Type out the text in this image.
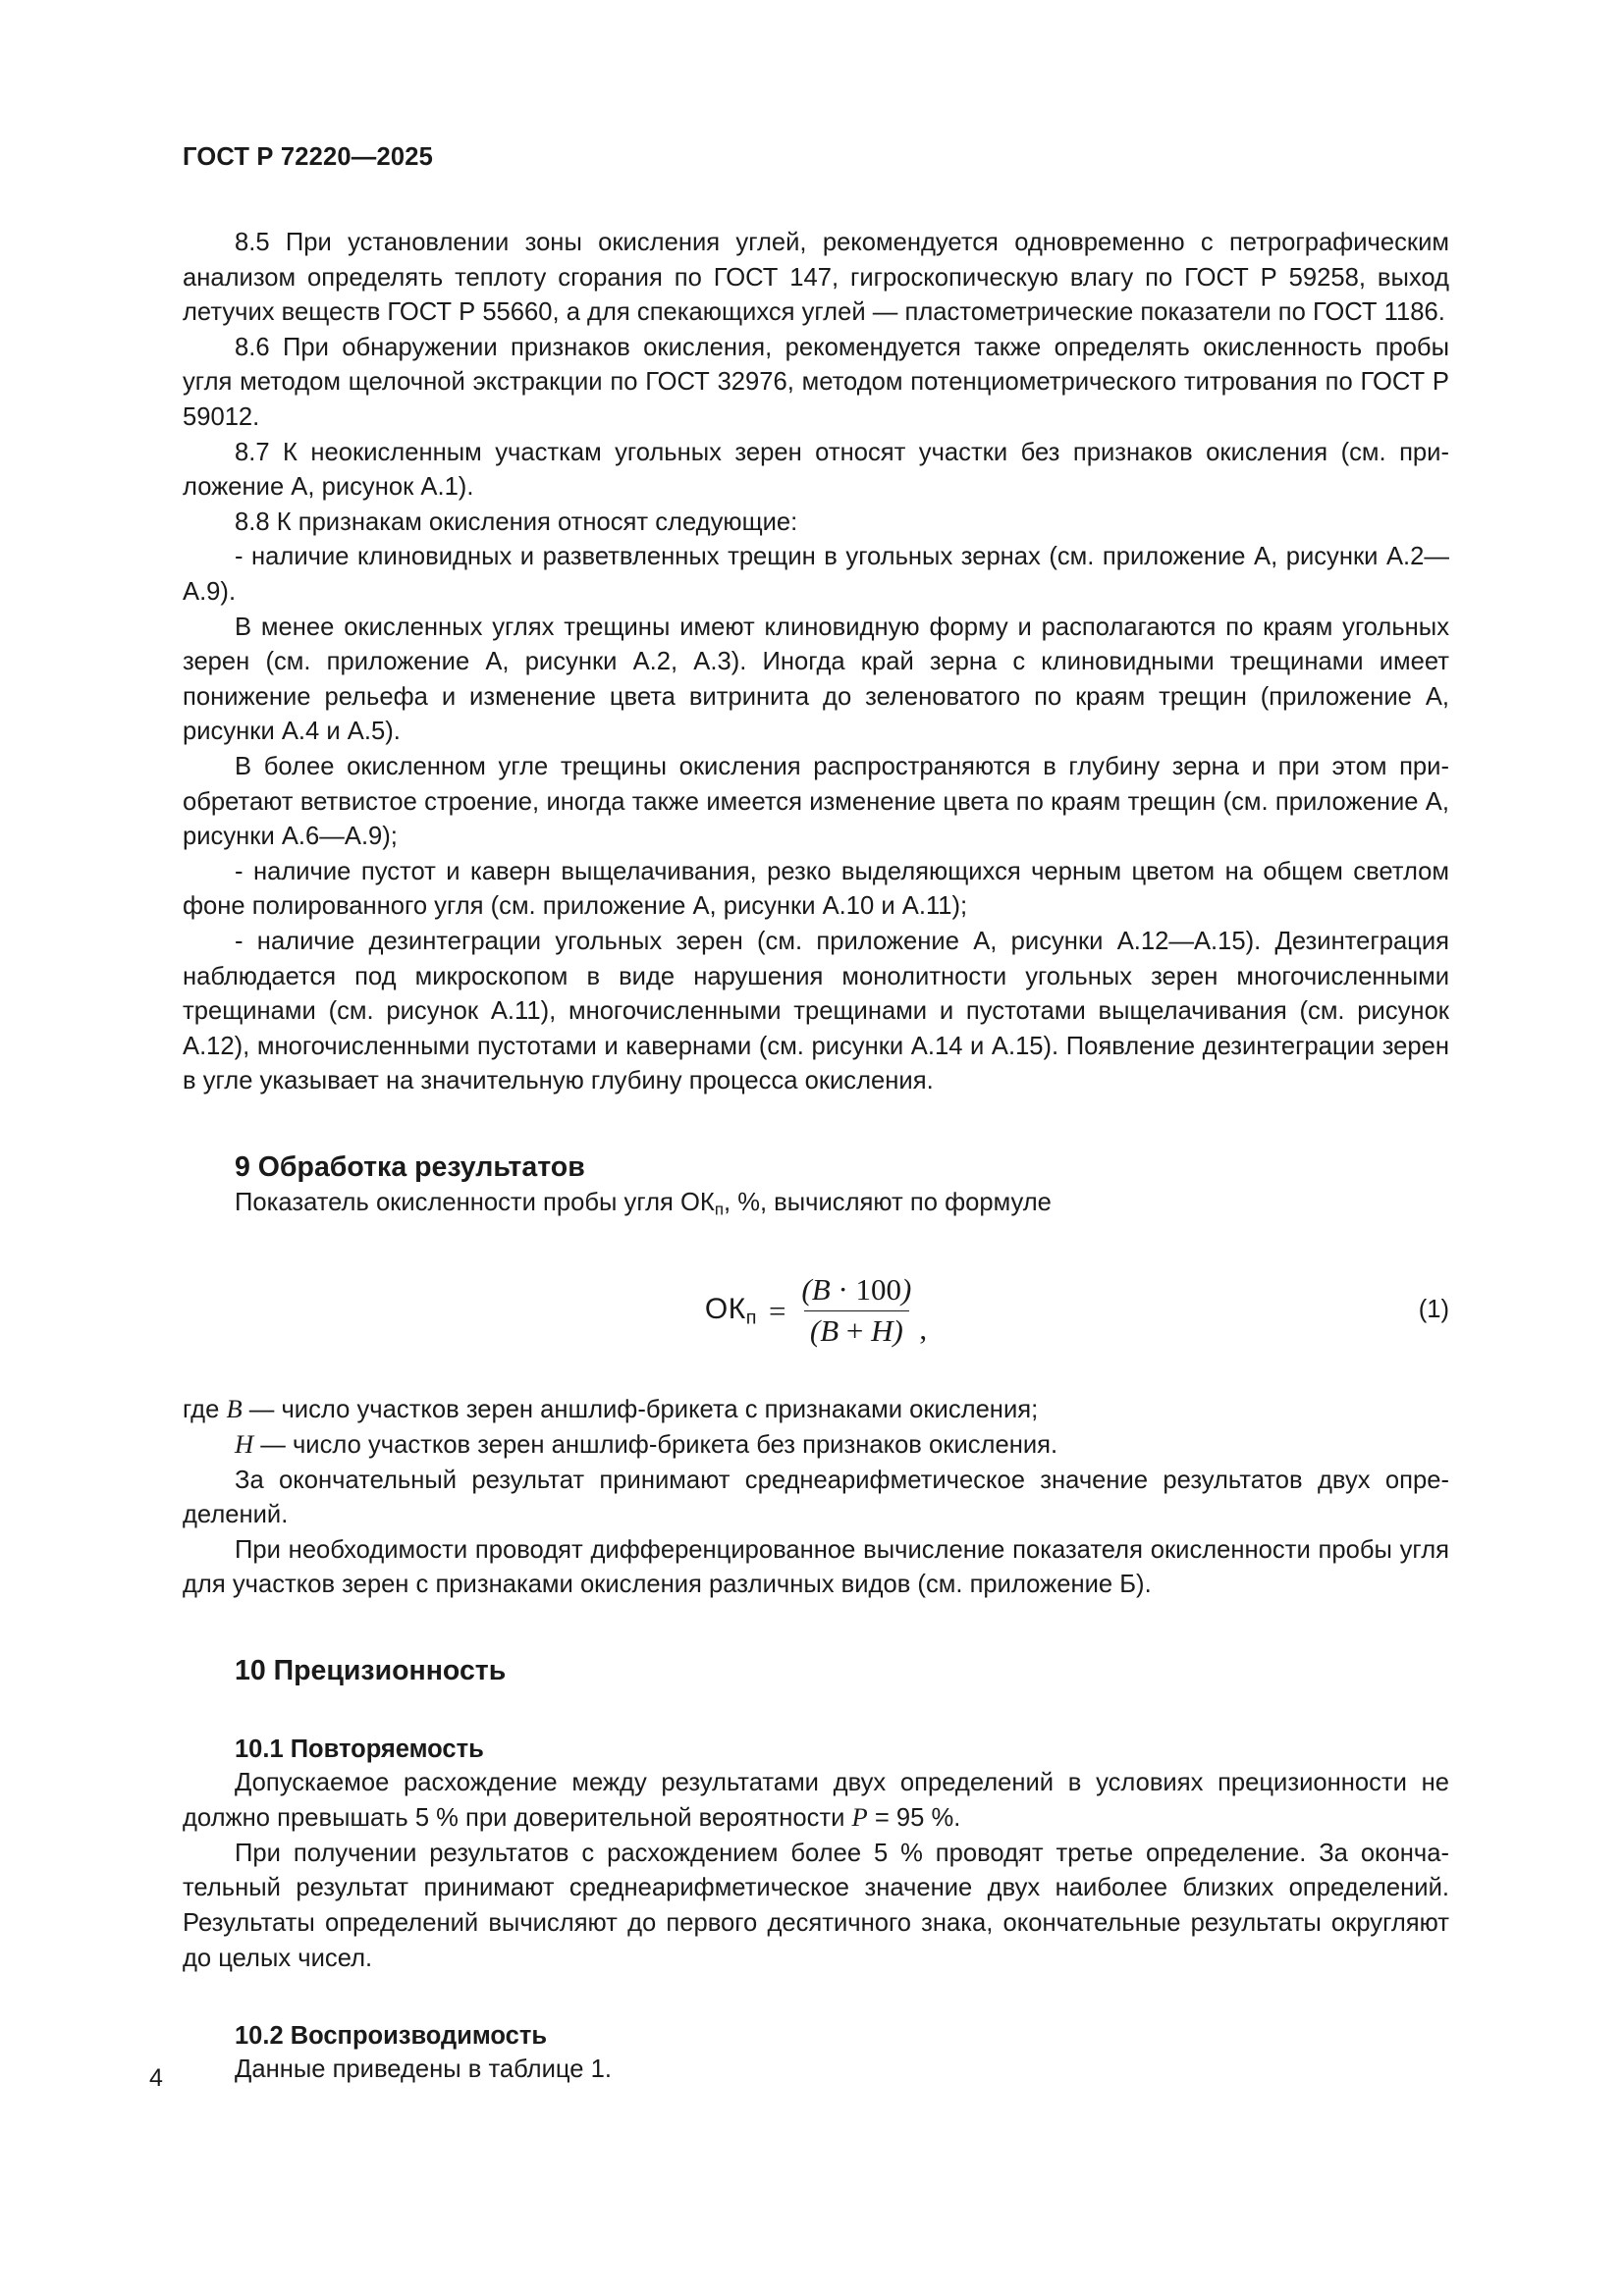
ГОСТ Р 72220—2025

8.5 При установлении зоны окисления углей, рекомендуется одновременно с петрографическим анализом определять теплоту сгорания по ГОСТ 147, гигроскопическую влагу по ГОСТ Р 59258, выход летучих веществ ГОСТ Р 55660, а для спекающихся углей — пластометрические показатели по ГОСТ 1186.

8.6 При обнаружении признаков окисления, рекомендуется также определять окисленность пробы угля методом щелочной экстракции по ГОСТ 32976, методом потенциометрического титрования по ГОСТ Р 59012.

8.7 К неокисленным участкам угольных зерен относят участки без признаков окисления (см. приложение А, рисунок А.1).

8.8 К признакам окисления относят следующие:

- наличие клиновидных и разветвленных трещин в угольных зернах (см. приложение А, рисунки А.2—А.9).

В менее окисленных углях трещины имеют клиновидную форму и располагаются по краям угольных зерен (см. приложение А, рисунки А.2, А.3). Иногда край зерна с клиновидными трещинами имеет понижение рельефа и изменение цвета витринита до зеленоватого по краям трещин (приложение А, рисунки А.4 и А.5).

В более окисленном угле трещины окисления распространяются в глубину зерна и при этом приобретают ветвистое строение, иногда также имеется изменение цвета по краям трещин (см. приложение А, рисунки А.6—А.9);

- наличие пустот и каверн выщелачивания, резко выделяющихся черным цветом на общем светлом фоне полированного угля (см. приложение А, рисунки А.10 и А.11);

- наличие дезинтеграции угольных зерен (см. приложение А, рисунки А.12—А.15). Дезинтеграция наблюдается под микроскопом в виде нарушения монолитности угольных зерен многочисленными трещинами (см. рисунок А.11), многочисленными трещинами и пустотами выщелачивания (см. рисунок А.12), многочисленными пустотами и кавернами (см. рисунки А.14 и А.15). Появление дезинтеграции зерен в угле указывает на значительную глубину процесса окисления.

9 Обработка результатов

Показатель окисленности пробы угля $ОК_п$, %, вычисляют по формуле

$ОК_п = \frac{(В \cdot 100)}{(В + Н)}$ ,
(1)

где В — число участков зерен аншлиф-брикета с признаками окисления;

Н — число участков зерен аншлиф-брикета без признаков окисления.

За окончательный результат принимают среднеарифметическое значение результатов двух определений.

При необходимости проводят дифференцированное вычисление показателя окисленности пробы угля для участков зерен с признаками окисления различных видов (см. приложение Б).

10 Прецизионность
10.1 Повторяемость

Допускаемое расхождение между результатами двух определений в условиях прецизионности не должно превышать 5 % при доверительной вероятности P = 95 %.

При получении результатов с расхождением более 5 % проводят третье определение. За окончательный результат принимают среднеарифметическое значение двух наиболее близких определений. Результаты определений вычисляют до первого десятичного знака, окончательные результаты округляют до целых чисел.

10.2 Воспроизводимость

Данные приведены в таблице 1.

4
